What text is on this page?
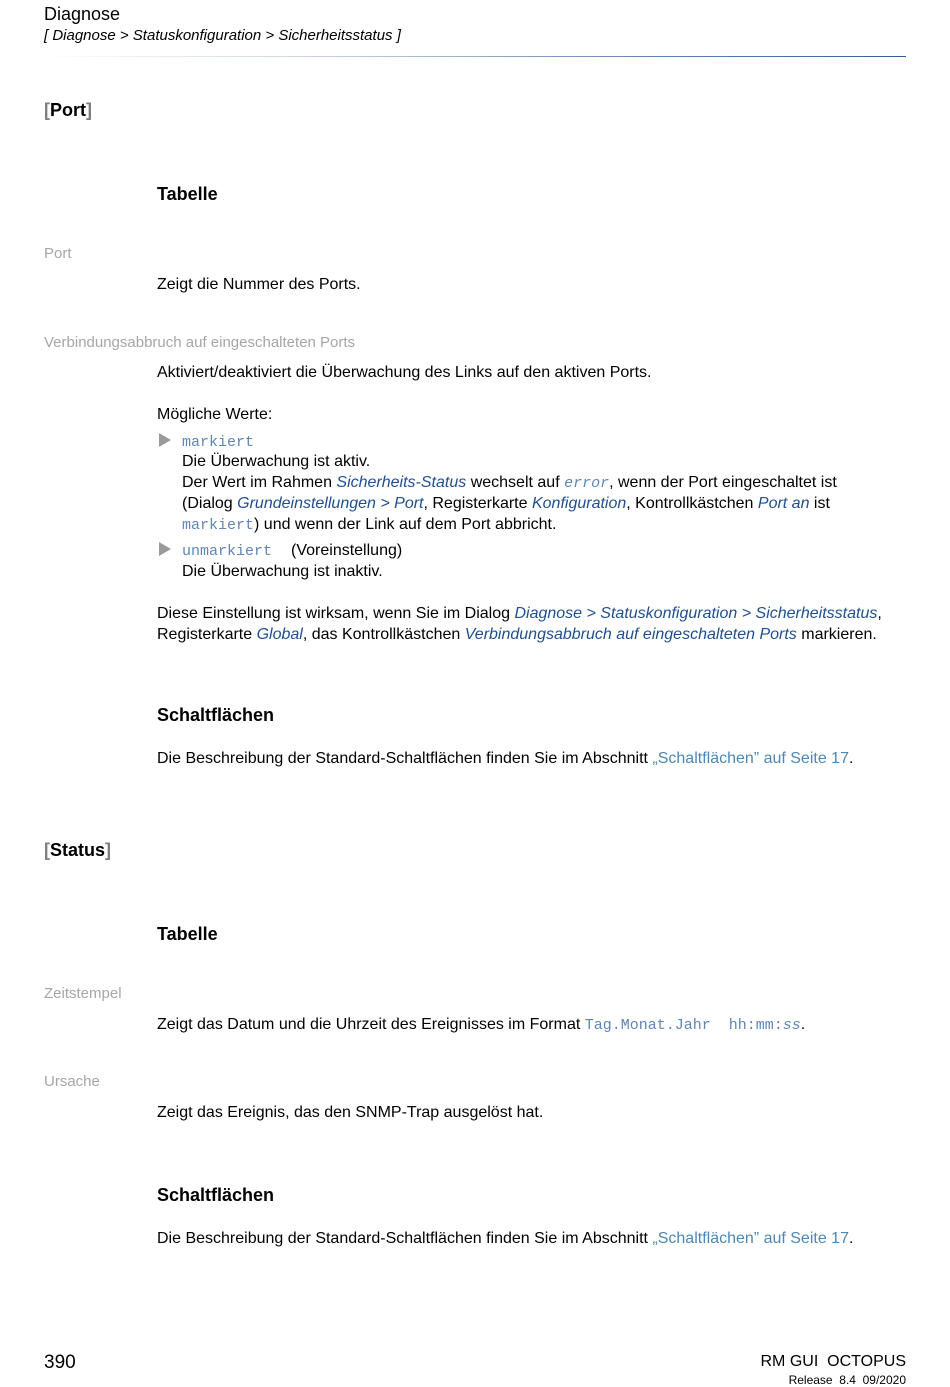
Diagnose
[ Diagnose > Statuskonfiguration > Sicherheitsstatus ]
[Port]
Tabelle
Port
Zeigt die Nummer des Ports.
Verbindungsabbruch auf eingeschalteten Ports
Aktiviert/deaktiviert die Überwachung des Links auf den aktiven Ports.
Mögliche Werte:
markiert
Die Überwachung ist aktiv.
Der Wert im Rahmen Sicherheits-Status wechselt auf error, wenn der Port eingeschaltet ist
(Dialog Grundeinstellungen > Port, Registerkarte Konfiguration, Kontrollkästchen Port an ist
markiert) und wenn der Link auf dem Port abbricht.
unmarkiert (Voreinstellung)
Die Überwachung ist inaktiv.
Diese Einstellung ist wirksam, wenn Sie im Dialog Diagnose > Statuskonfiguration > Sicherheitsstatus,
Registerkarte Global, das Kontrollkästchen Verbindungsabbruch auf eingeschalteten Ports markieren.
Schaltflächen
Die Beschreibung der Standard-Schaltflächen finden Sie im Abschnitt „Schaltflächen” auf Seite 17.
[Status]
Tabelle
Zeitstempel
Zeigt das Datum und die Uhrzeit des Ereignisses im Format Tag.Monat.Jahr  hh:mm:ss.
Ursache
Zeigt das Ereignis, das den SNMP-Trap ausgelöst hat.
Schaltflächen
Die Beschreibung der Standard-Schaltflächen finden Sie im Abschnitt „Schaltflächen” auf Seite 17.
390	RM GUI  OCTOPUS
Release  8.4  09/2020
